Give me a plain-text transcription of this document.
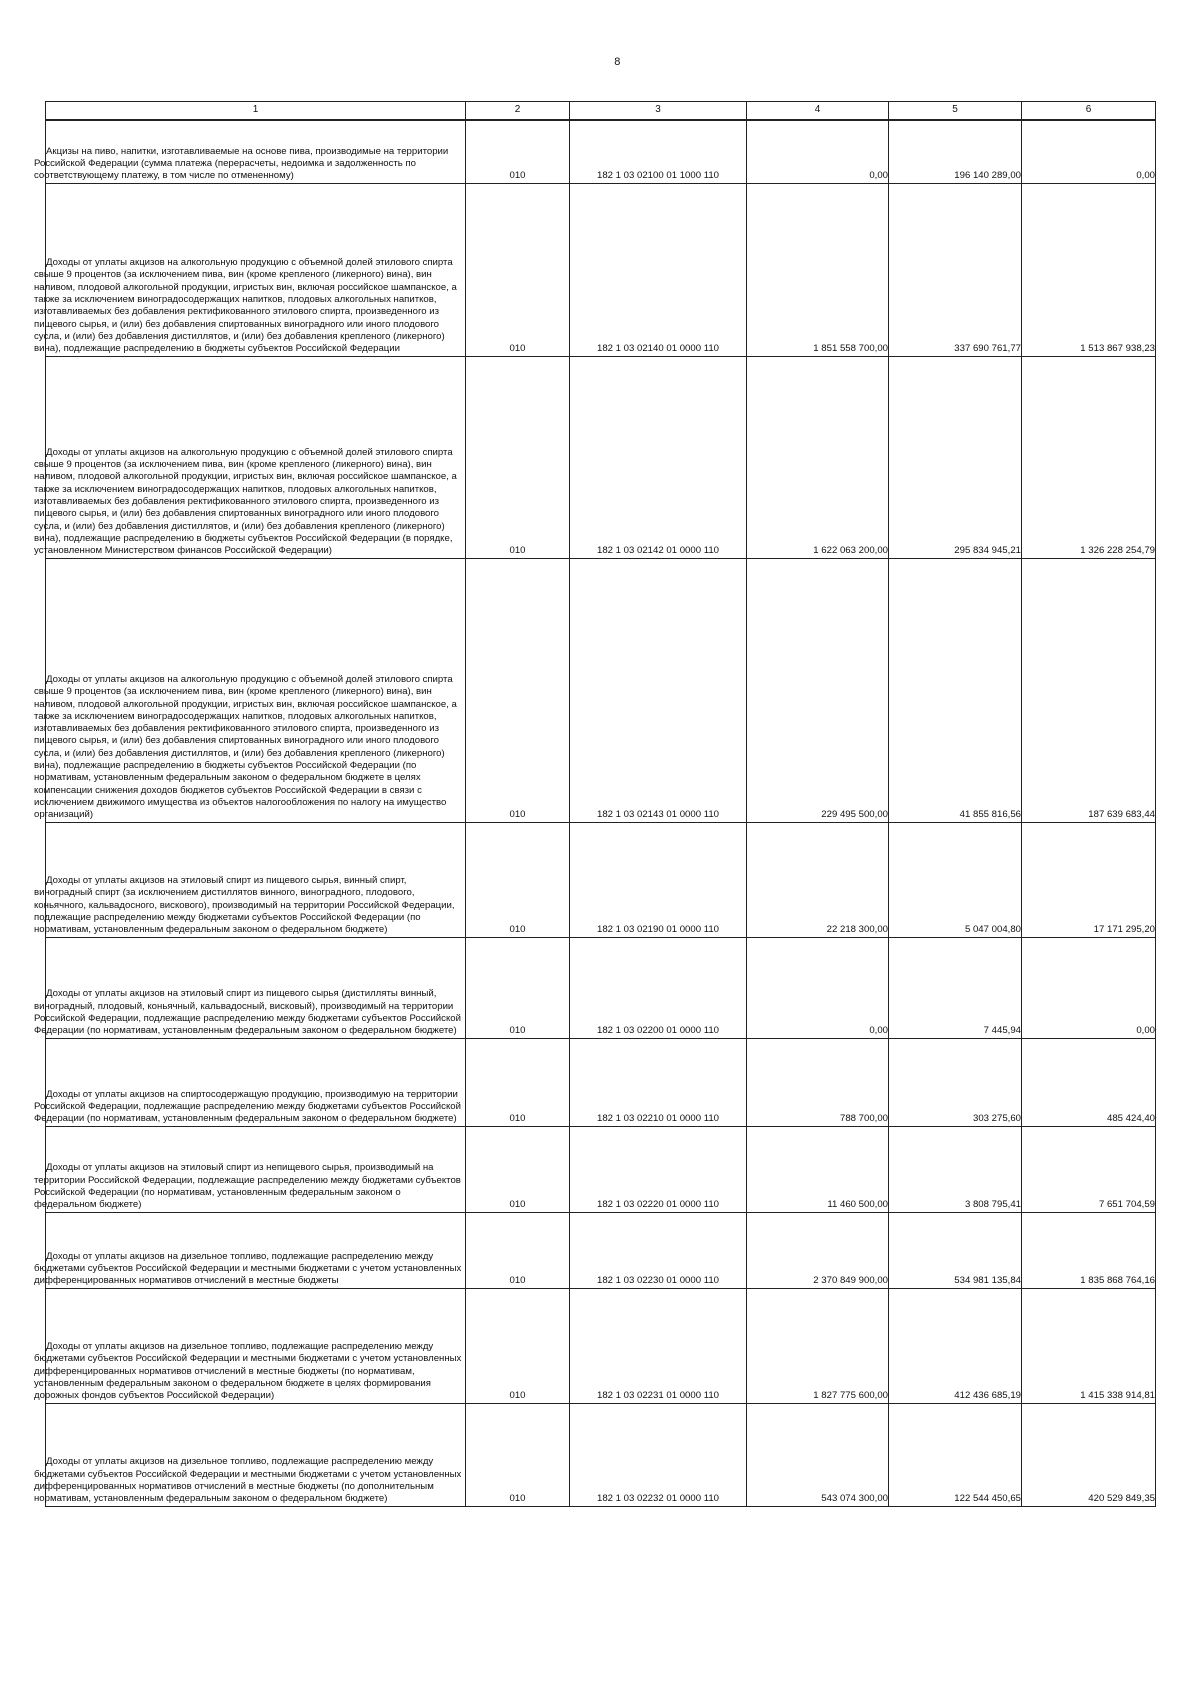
8
1	2	3	4	5	6

Акцизы на пиво, напитки, изготавливаемые на основе пива, производимые на территории Российской Федерации (сумма платежа (перерасчеты, недоимка и задолженность по соответствующему платежу, в том числе по отмененному)	010	182 1 03 02100 01 1000 110	0,00	196 140 289,00	0,00

Доходы от уплаты акцизов на алкогольную продукцию с объемной долей этилового спирта свыше 9 процентов (за исключением пива, вин (кроме крепленого (ликерного) вина), вин наливом, плодовой алкогольной продукции, игристых вин, включая российское шампанское, а также за исключением виноградосодержащих напитков, плодовых алкогольных напитков, изготавливаемых без добавления ректификованного этилового спирта, произведенного из пищевого сырья, и (или) без добавления спиртованных виноградного или иного плодового сусла, и (или) без добавления дистиллятов, и (или) без добавления крепленого (ликерного) вина), подлежащие распределению в бюджеты субъектов Российской Федерации	010	182 1 03 02140 01 0000 110	1 851 558 700,00	337 690 761,77	1 513 867 938,23

Доходы от уплаты акцизов на алкогольную продукцию с объемной долей этилового спирта свыше 9 процентов (за исключением пива, вин (кроме крепленого (ликерного) вина), вин наливом, плодовой алкогольной продукции, игристых вин, включая российское шампанское, а также за исключением виноградосодержащих напитков, плодовых алкогольных напитков, изготавливаемых без добавления ректификованного этилового спирта, произведенного из пищевого сырья, и (или) без добавления спиртованных виноградного или иного плодового сусла, и (или) без добавления дистиллятов, и (или) без добавления крепленого (ликерного) вина), подлежащие распределению в бюджеты субъектов Российской Федерации (в порядке, установленном Министерством финансов Российской Федерации)	010	182 1 03 02142 01 0000 110	1 622 063 200,00	295 834 945,21	1 326 228 254,79

Доходы от уплаты акцизов на алкогольную продукцию с объемной долей этилового спирта свыше 9 процентов (за исключением пива, вин (кроме крепленого (ликерного) вина), вин наливом, плодовой алкогольной продукции, игристых вин, включая российское шампанское, а также за исключением виноградосодержащих напитков, плодовых алкогольных напитков, изготавливаемых без добавления ректификованного этилового спирта, произведенного из пищевого сырья, и (или) без добавления спиртованных виноградного или иного плодового сусла, и (или) без добавления дистиллятов, и (или) без добавления крепленого (ликерного) вина), подлежащие распределению в бюджеты субъектов Российской Федерации (по нормативам, установленным федеральным законом о федеральном бюджете в целях компенсации снижения доходов бюджетов субъектов Российской Федерации в связи с исключением движимого имущества из объектов налогообложения по налогу на имущество организаций)	010	182 1 03 02143 01 0000 110	229 495 500,00	41 855 816,56	187 639 683,44

Доходы от уплаты акцизов на этиловый спирт из пищевого сырья, винный спирт, виноградный спирт (за исключением дистиллятов винного, виноградного, плодового, коньячного, кальвадосного, вискового), производимый на территории Российской Федерации, подлежащие распределению между бюджетами субъектов Российской Федерации (по нормативам, установленным федеральным законом о федеральном бюджете)	010	182 1 03 02190 01 0000 110	22 218 300,00	5 047 004,80	17 171 295,20

Доходы от уплаты акцизов на этиловый спирт из пищевого сырья (дистилляты винный, виноградный, плодовый, коньячный, кальвадосный, висковый), производимый на территории Российской Федерации, подлежащие распределению между бюджетами субъектов Российской Федерации (по нормативам, установленным федеральным законом о федеральном бюджете)	010	182 1 03 02200 01 0000 110	0,00	7 445,94	0,00

Доходы от уплаты акцизов на спиртосодержащую продукцию, производимую на территории Российской Федерации, подлежащие распределению между бюджетами субъектов Российской Федерации (по нормативам, установленным федеральным законом о федеральном бюджете)	010	182 1 03 02210 01 0000 110	788 700,00	303 275,60	485 424,40

Доходы от уплаты акцизов на этиловый спирт из непищевого сырья, производимый на территории Российской Федерации, подлежащие распределению между бюджетами субъектов Российской Федерации (по нормативам, установленным федеральным законом о федеральном бюджете)	010	182 1 03 02220 01 0000 110	11 460 500,00	3 808 795,41	7 651 704,59

Доходы от уплаты акцизов на дизельное топливо, подлежащие распределению между бюджетами субъектов Российской Федерации и местными бюджетами с учетом установленных дифференцированных нормативов отчислений в местные бюджеты	010	182 1 03 02230 01 0000 110	2 370 849 900,00	534 981 135,84	1 835 868 764,16

Доходы от уплаты акцизов на дизельное топливо, подлежащие распределению между бюджетами субъектов Российской Федерации и местными бюджетами с учетом установленных дифференцированных нормативов отчислений в местные бюджеты (по нормативам, установленным федеральным законом о федеральном бюджете в целях формирования дорожных фондов субъектов Российской Федерации)	010	182 1 03 02231 01 0000 110	1 827 775 600,00	412 436 685,19	1 415 338 914,81

Доходы от уплаты акцизов на дизельное топливо, подлежащие распределению между бюджетами субъектов Российской Федерации и местными бюджетами с учетом установленных дифференцированных нормативов отчислений в местные бюджеты (по дополнительным нормативам, установленным федеральным законом о федеральном бюджете)	010	182 1 03 02232 01 0000 110	543 074 300,00	122 544 450,65	420 529 849,35
